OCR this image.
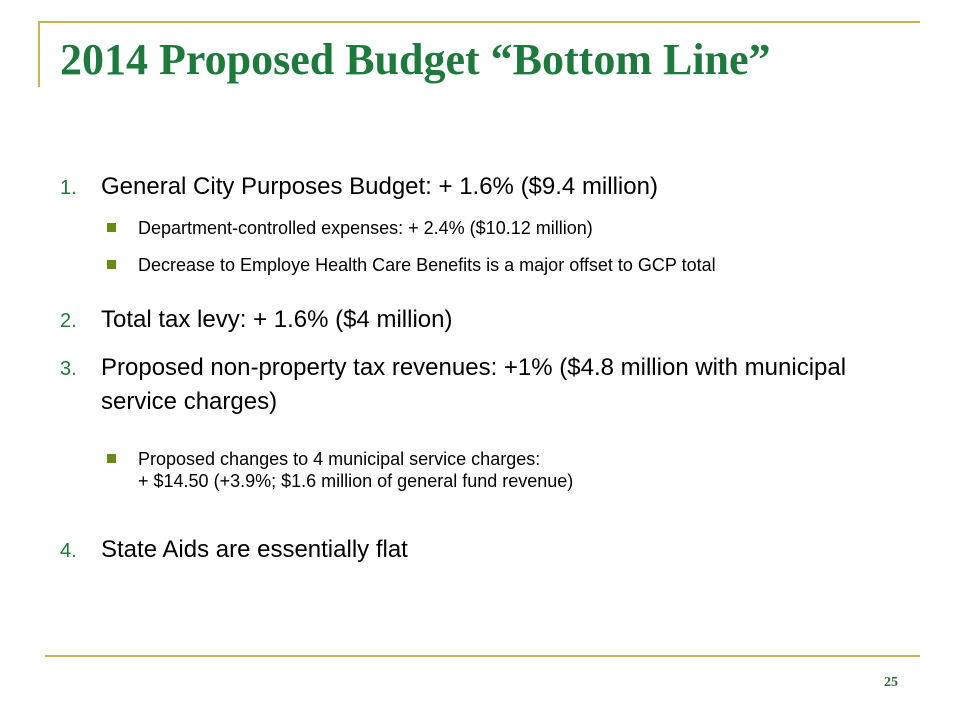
2014 Proposed Budget “Bottom Line”
1. General City Purposes Budget: + 1.6% ($9.4 million)
Department-controlled expenses: + 2.4% ($10.12 million)
Decrease to Employe Health Care Benefits is a major offset to GCP total
2. Total tax levy: + 1.6% ($4 million)
3. Proposed non-property tax revenues: +1% ($4.8 million with municipal service charges)
Proposed changes to 4 municipal service charges:
+ $14.50 (+3.9%; $1.6 million of general fund revenue)
4. State Aids are essentially flat
25
